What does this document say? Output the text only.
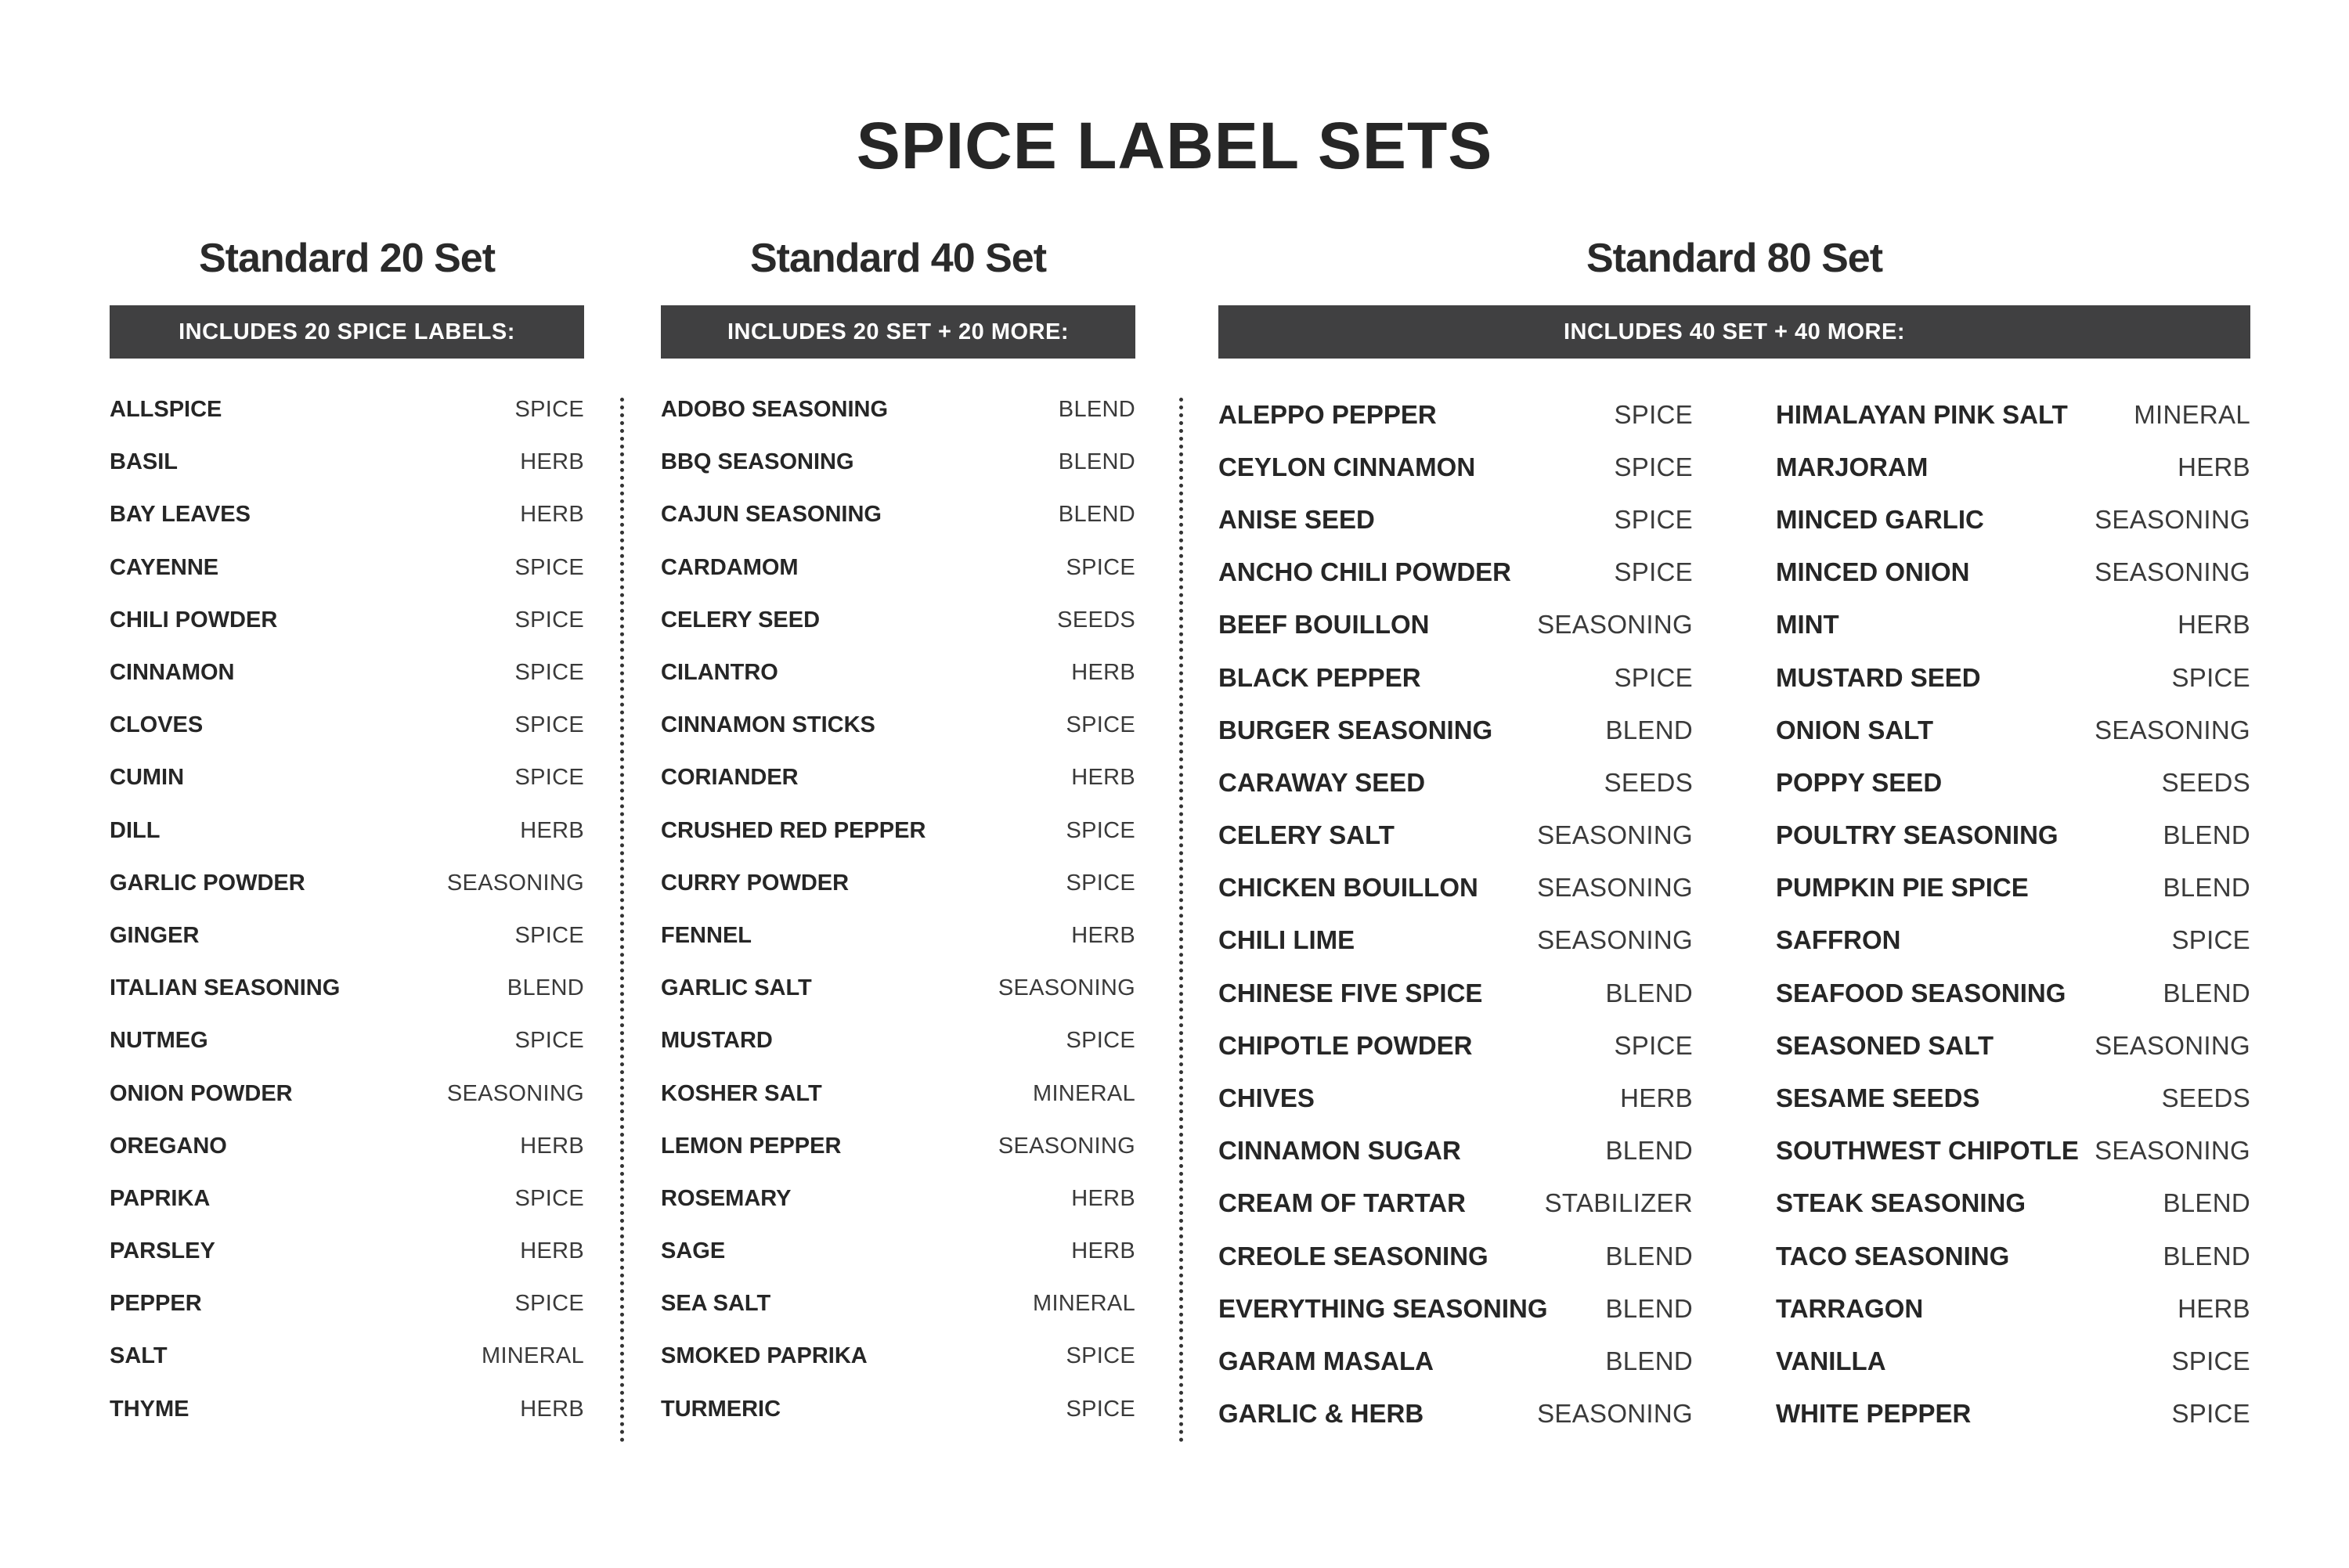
SPICE LABEL SETS
Standard 20 Set
INCLUDES 20 SPICE LABELS:
ALLSPICE	SPICE
BASIL	HERB
BAY LEAVES	HERB
CAYENNE	SPICE
CHILI POWDER	SPICE
CINNAMON	SPICE
CLOVES	SPICE
CUMIN	SPICE
DILL	HERB
GARLIC POWDER	SEASONING
GINGER	SPICE
ITALIAN SEASONING	BLEND
NUTMEG	SPICE
ONION POWDER	SEASONING
OREGANO	HERB
PAPRIKA	SPICE
PARSLEY	HERB
PEPPER	SPICE
SALT	MINERAL
THYME	HERB
Standard 40 Set
INCLUDES 20 SET + 20 MORE:
ADOBO SEASONING	BLEND
BBQ SEASONING	BLEND
CAJUN SEASONING	BLEND
CARDAMOM	SPICE
CELERY SEED	SEEDS
CILANTRO	HERB
CINNAMON STICKS	SPICE
CORIANDER	HERB
CRUSHED RED PEPPER	SPICE
CURRY POWDER	SPICE
FENNEL	HERB
GARLIC SALT	SEASONING
MUSTARD	SPICE
KOSHER SALT	MINERAL
LEMON PEPPER	SEASONING
ROSEMARY	HERB
SAGE	HERB
SEA SALT	MINERAL
SMOKED PAPRIKA	SPICE
TURMERIC	SPICE
Standard 80 Set
INCLUDES 40 SET + 40 MORE:
ALEPPO PEPPER	SPICE
CEYLON CINNAMON	SPICE
ANISE SEED	SPICE
ANCHO CHILI POWDER	SPICE
BEEF BOUILLON	SEASONING
BLACK PEPPER	SPICE
BURGER SEASONING	BLEND
CARAWAY SEED	SEEDS
CELERY SALT	SEASONING
CHICKEN BOUILLON SEASONING
CHILI LIME	SEASONING
CHINESE FIVE SPICE	BLEND
CHIPOTLE POWDER	SPICE
CHIVES	HERB
CINNAMON SUGAR	BLEND
CREAM OF TARTAR	STABILIZER
CREOLE SEASONING	BLEND
EVERYTHING SEASONING BLEND
GARAM MASALA	BLEND
GARLIC & HERB	SEASONING
HIMALAYAN PINK SALT	MINERAL
MARJORAM	HERB
MINCED GARLIC	SEASONING
MINCED ONION	SEASONING
MINT	HERB
MUSTARD SEED	SPICE
ONION SALT	SEASONING
POPPY SEED	SEEDS
POULTRY SEASONING	BLEND
PUMPKIN PIE SPICE	BLEND
SAFFRON	SPICE
SEAFOOD SEASONING	BLEND
SEASONED SALT	SEASONING
SESAME SEEDS	SEEDS
SOUTHWEST CHIPOTLE SEASONING
STEAK SEASONING	BLEND
TACO SEASONING	BLEND
TARRAGON	HERB
VANILLA	SPICE
WHITE PEPPER	SPICE
